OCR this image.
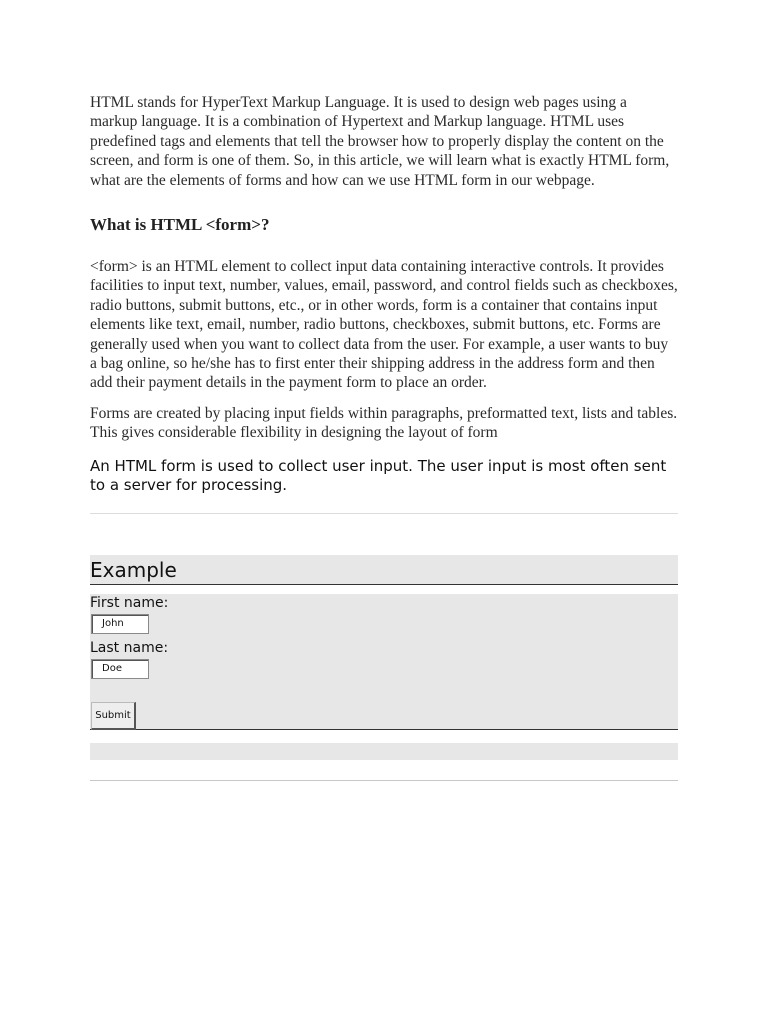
HTML stands for HyperText Markup Language. It is used to design web pages using a markup language. It is a combination of Hypertext and Markup language. HTML uses predefined tags and elements that tell the browser how to properly display the content on the screen, and form is one of them. So, in this article, we will learn what is exactly HTML form, what are the elements of forms and how can we use HTML form in our webpage.

What is HTML <form>?

<form> is an HTML element to collect input data containing interactive controls. It provides facilities to input text, number, values, email, password, and control fields such as checkboxes, radio buttons, submit buttons, etc., or in other words, form is a container that contains input elements like text, email, number, radio buttons, checkboxes, submit buttons, etc. Forms are generally used when you want to collect data from the user. For example, a user wants to buy a bag online, so he/she has to first enter their shipping address in the address form and then add their payment details in the payment form to place an order.

Forms are created by placing input fields within paragraphs, preformatted text, lists and tables. This gives considerable flexibility in designing the layout of form

An HTML form is used to collect user input. The user input is most often sent to a server for processing.

Example
First name:
John
Last name:
Doe
Submit
